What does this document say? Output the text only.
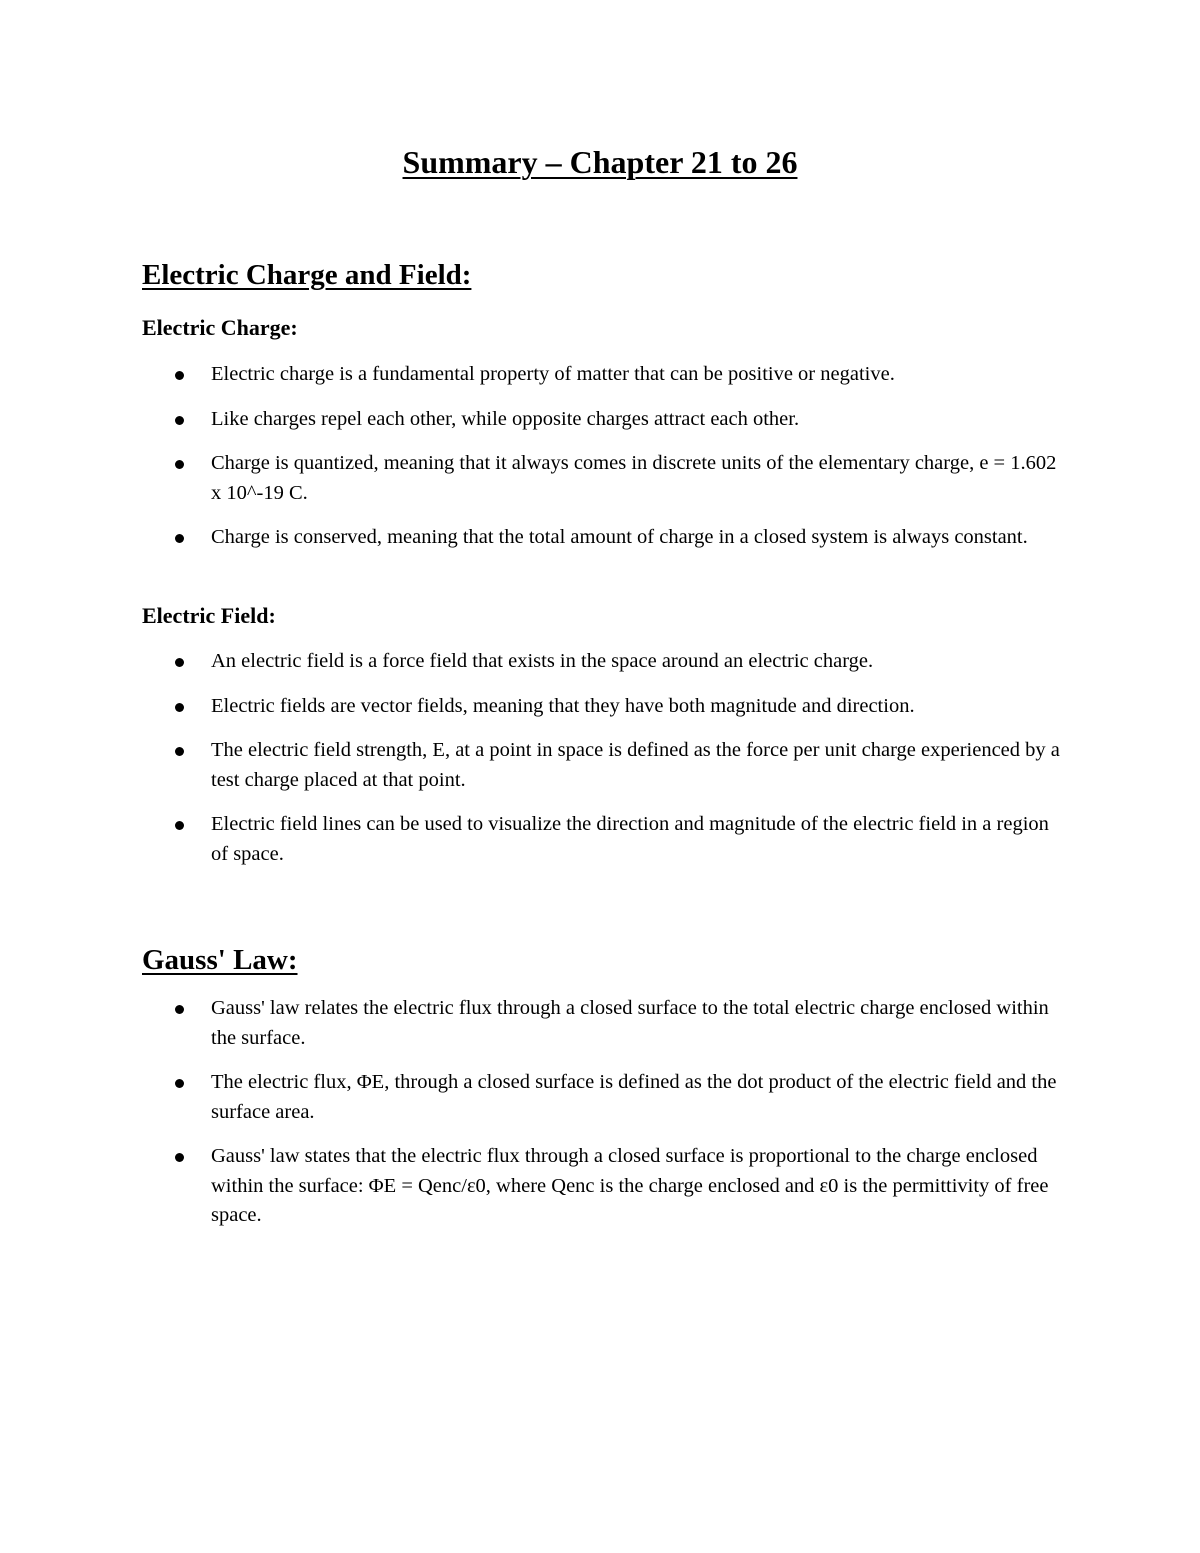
Summary – Chapter 21 to 26
Electric Charge and Field:
Electric Charge:
Electric charge is a fundamental property of matter that can be positive or negative.
Like charges repel each other, while opposite charges attract each other.
Charge is quantized, meaning that it always comes in discrete units of the elementary charge, e = 1.602 x 10^-19 C.
Charge is conserved, meaning that the total amount of charge in a closed system is always constant.
Electric Field:
An electric field is a force field that exists in the space around an electric charge.
Electric fields are vector fields, meaning that they have both magnitude and direction.
The electric field strength, E, at a point in space is defined as the force per unit charge experienced by a test charge placed at that point.
Electric field lines can be used to visualize the direction and magnitude of the electric field in a region of space.
Gauss' Law:
Gauss' law relates the electric flux through a closed surface to the total electric charge enclosed within the surface.
The electric flux, ΦE, through a closed surface is defined as the dot product of the electric field and the surface area.
Gauss' law states that the electric flux through a closed surface is proportional to the charge enclosed within the surface: ΦE = Qenc/ε0, where Qenc is the charge enclosed and ε0 is the permittivity of free space.
